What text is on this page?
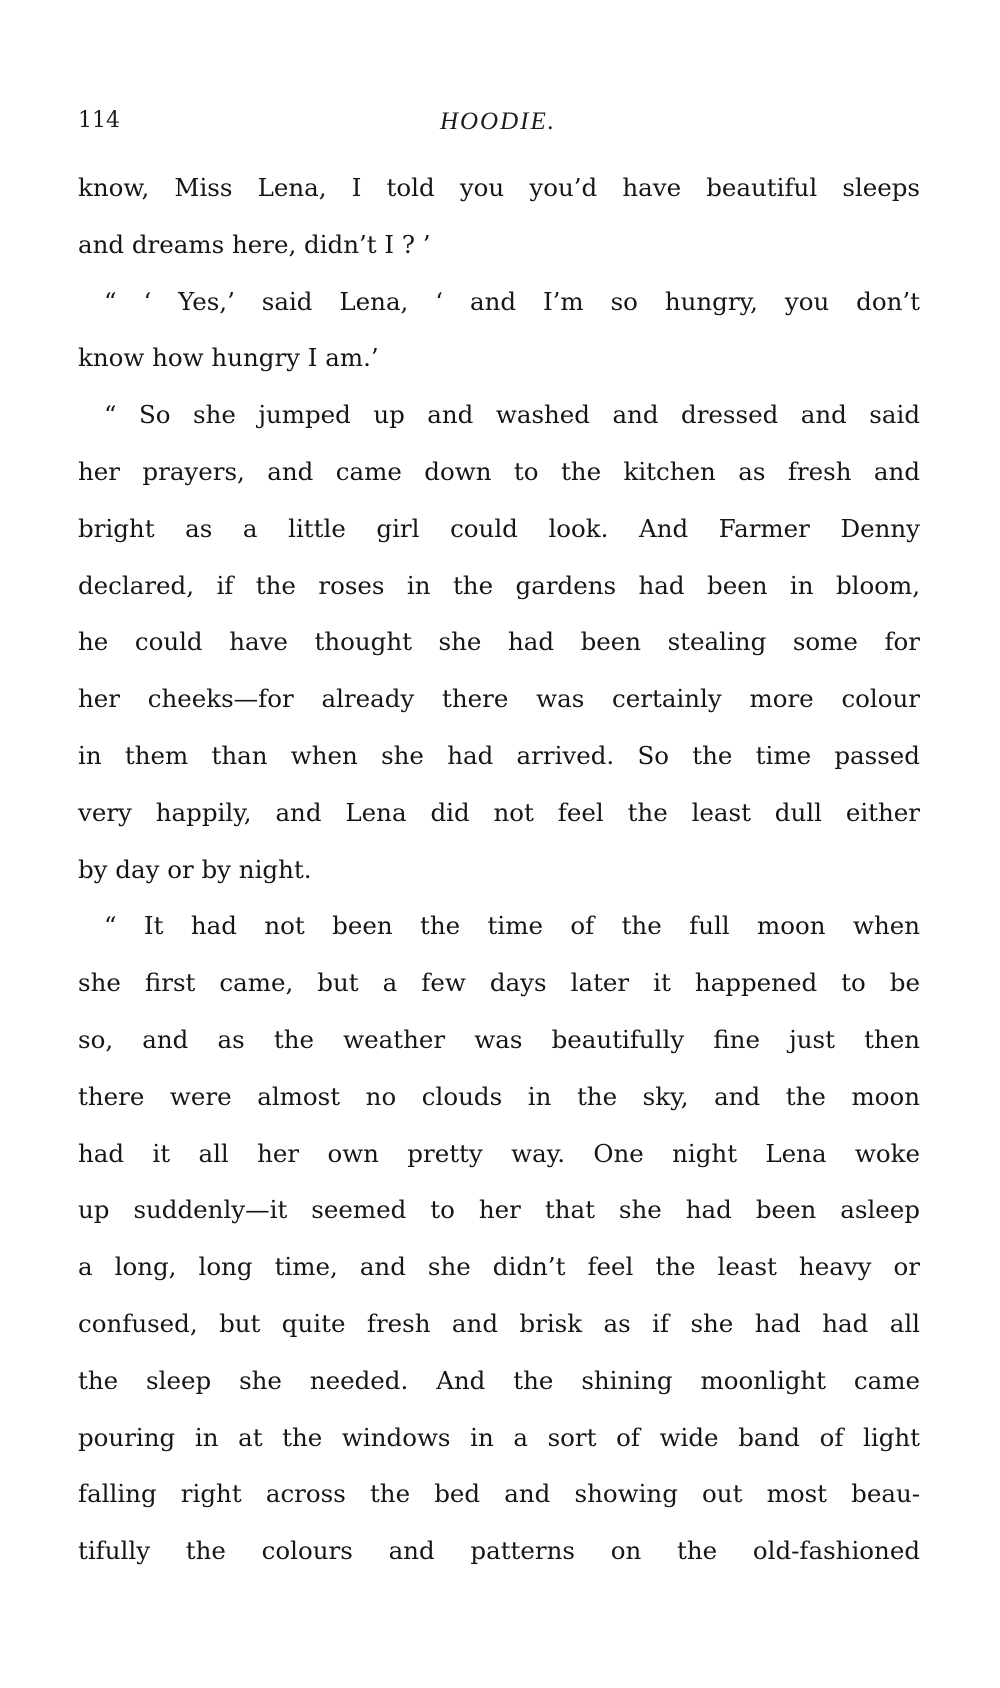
114	HOODIE.
know, Miss Lena, I told you you’d have beautiful sleeps
and dreams here, didn’t I ? ’
“ ‘ Yes,’ said Lena, ‘ and I’m so hungry, you don’t
know how hungry I am.’
“ So she jumped up and washed and dressed and said
her prayers, and came down to the kitchen as fresh and
bright as a little girl could look. And Farmer Denny
declared, if the roses in the gardens had been in bloom,
he could have thought she had been stealing some for
her cheeks—for already there was certainly more colour
in them than when she had arrived. So the time passed
very happily, and Lena did not feel the least dull either
by day or by night.
“ It had not been the time of the full moon when
she first came, but a few days later it happened to be
so, and as the weather was beautifully fine just then
there were almost no clouds in the sky, and the moon
had it all her own pretty way. One night Lena woke
up suddenly—it seemed to her that she had been asleep
a long, long time, and she didn’t feel the least heavy or
confused, but quite fresh and brisk as if she had had all
the sleep she needed. And the shining moonlight came
pouring in at the windows in a sort of wide band of light
falling right across the bed and showing out most beau-
tifully the colours and patterns on the old-fashioned
